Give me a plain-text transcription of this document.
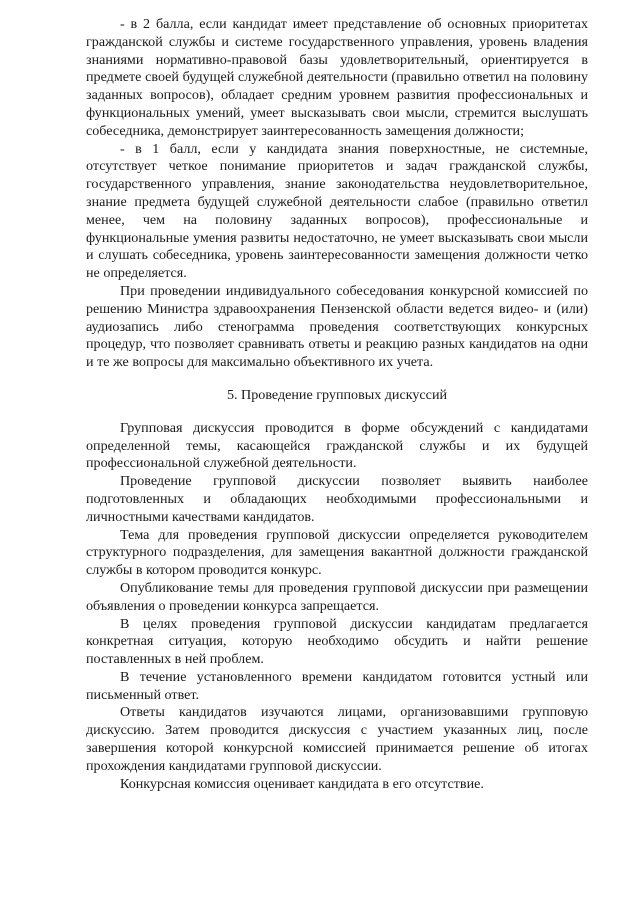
- в 2 балла, если кандидат имеет представление об основных приоритетах гражданской службы и системе государственного управления, уровень владения знаниями нормативно-правовой базы удовлетворительный, ориентируется в предмете своей будущей служебной деятельности (правильно ответил на половину заданных вопросов), обладает средним уровнем развития профессиональных и функциональных умений, умеет высказывать свои мысли, стремится выслушать собеседника, демонстрирует заинтересованность замещения должности;

- в 1 балл, если у кандидата знания поверхностные, не системные, отсутствует четкое понимание приоритетов и задач гражданской службы, государственного управления, знание законодательства неудовлетворительное, знание предмета будущей служебной деятельности слабое (правильно ответил менее, чем на половину заданных вопросов), профессиональные и функциональные умения развиты недостаточно, не умеет высказывать свои мысли и слушать собеседника, уровень заинтересованности замещения должности четко не определяется.

При проведении индивидуального собеседования конкурсной комиссией по решению Министра здравоохранения Пензенской области ведется видео- и (или) аудиозапись либо стенограмма проведения соответствующих конкурсных процедур, что позволяет сравнивать ответы и реакцию разных кандидатов на одни и те же вопросы для максимально объективного их учета.

5. Проведение групповых дискуссий

Групповая дискуссия проводится в форме обсуждений с кандидатами определенной темы, касающейся гражданской службы и их будущей профессиональной служебной деятельности.

Проведение групповой дискуссии позволяет выявить наиболее подготовленных и обладающих необходимыми профессиональными и личностными качествами кандидатов.

Тема для проведения групповой дискуссии определяется руководителем структурного подразделения, для замещения вакантной должности гражданской службы в котором проводится конкурс.

Опубликование темы для проведения групповой дискуссии при размещении объявления о проведении конкурса запрещается.

В целях проведения групповой дискуссии кандидатам предлагается конкретная ситуация, которую необходимо обсудить и найти решение поставленных в ней проблем.

В течение установленного времени кандидатом готовится устный или письменный ответ.

Ответы кандидатов изучаются лицами, организовавшими групповую дискуссию. Затем проводится дискуссия с участием указанных лиц, после завершения которой конкурсной комиссией принимается решение об итогах прохождения кандидатами групповой дискуссии.

Конкурсная комиссия оценивает кандидата в его отсутствие.
